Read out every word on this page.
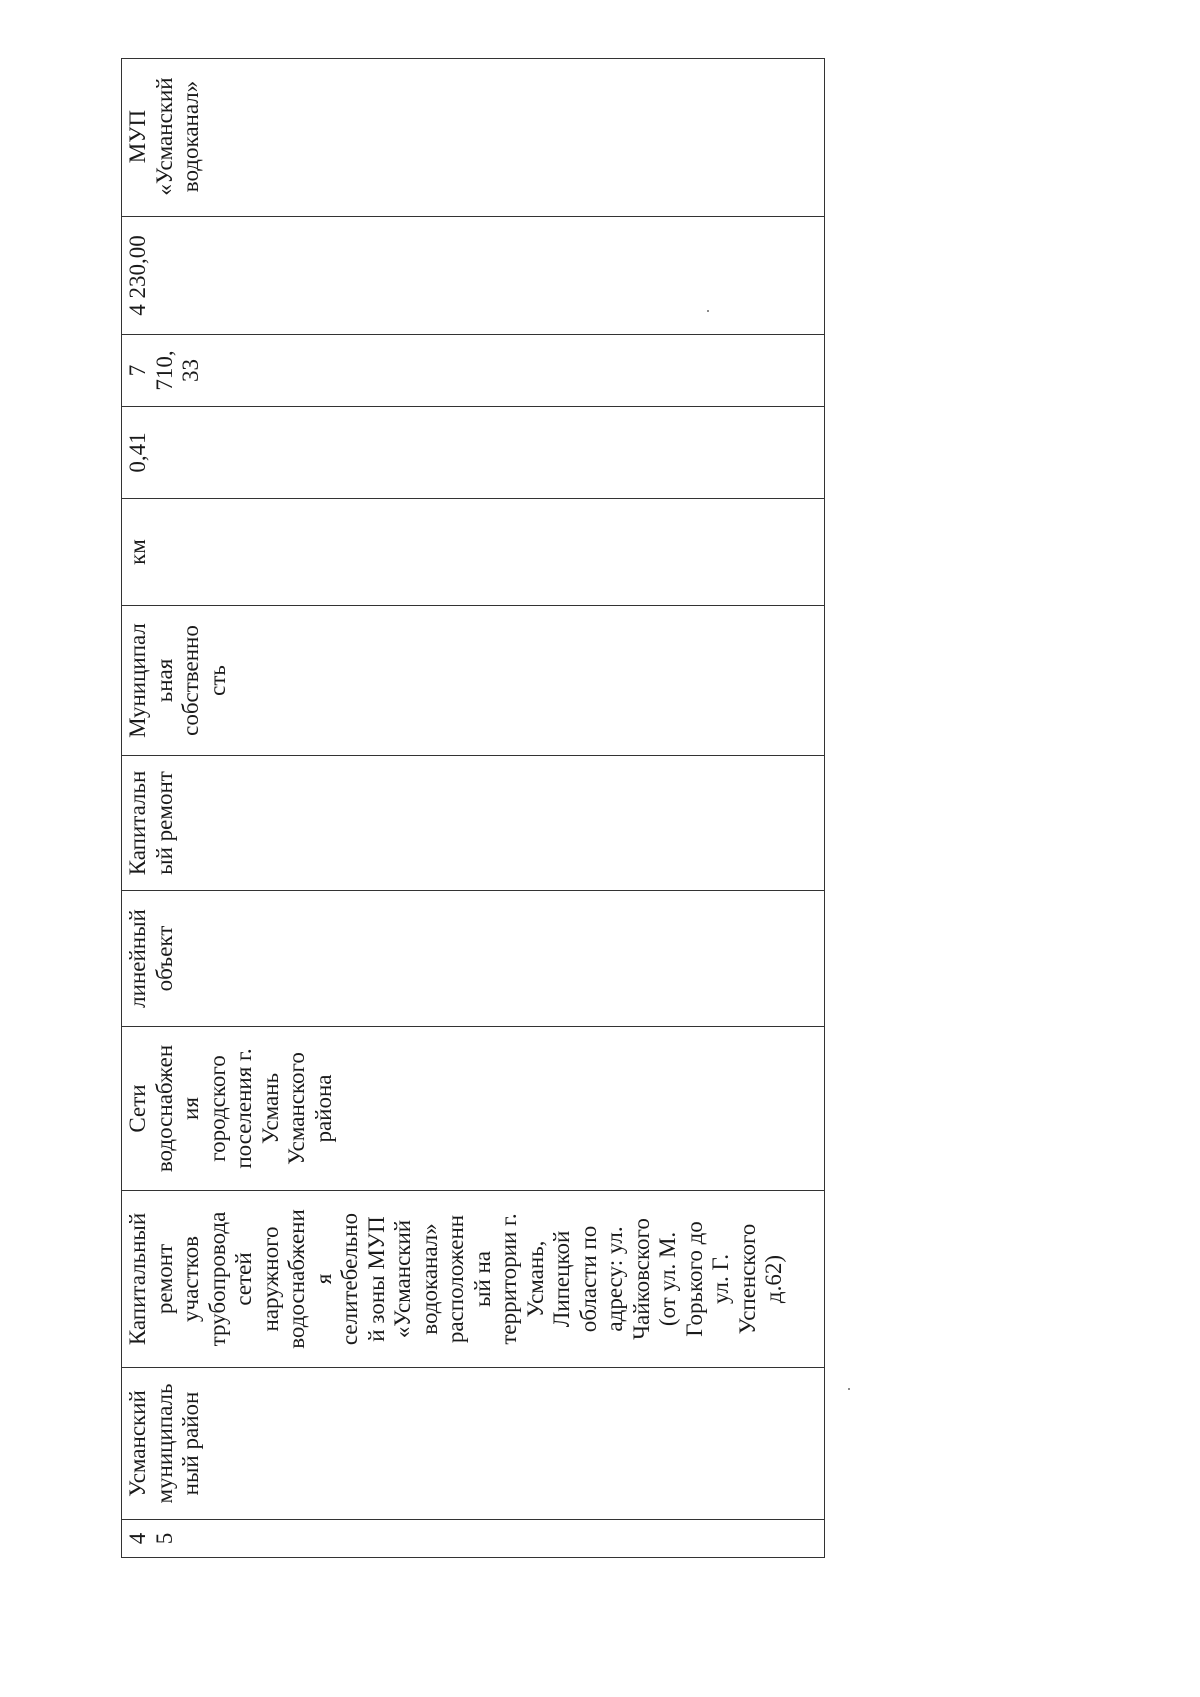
4
5
Усманский
муниципаль
ный район
Капитальный
ремонт
участков
трубопровода
сетей
наружного
водоснабжени
я
селитебельно
й зоны МУП
«Усманский
водоканал»
расположенн
ый на
территории г.
Усмань,
Липецкой
области по
адресу: ул.
Чайковского
(от ул. М.
Горького до
ул. Г.
Успенского
д.62)
Сети
водоснабжен
ия
городского
поселения г.
Усмань
Усманского
района
линейный
объект
Капитальн
ый ремонт
Муниципал
ьная
собственно
сть
км
0,41
7
710,
33
4 230,00
МУП
«Усманский
водоканал»
